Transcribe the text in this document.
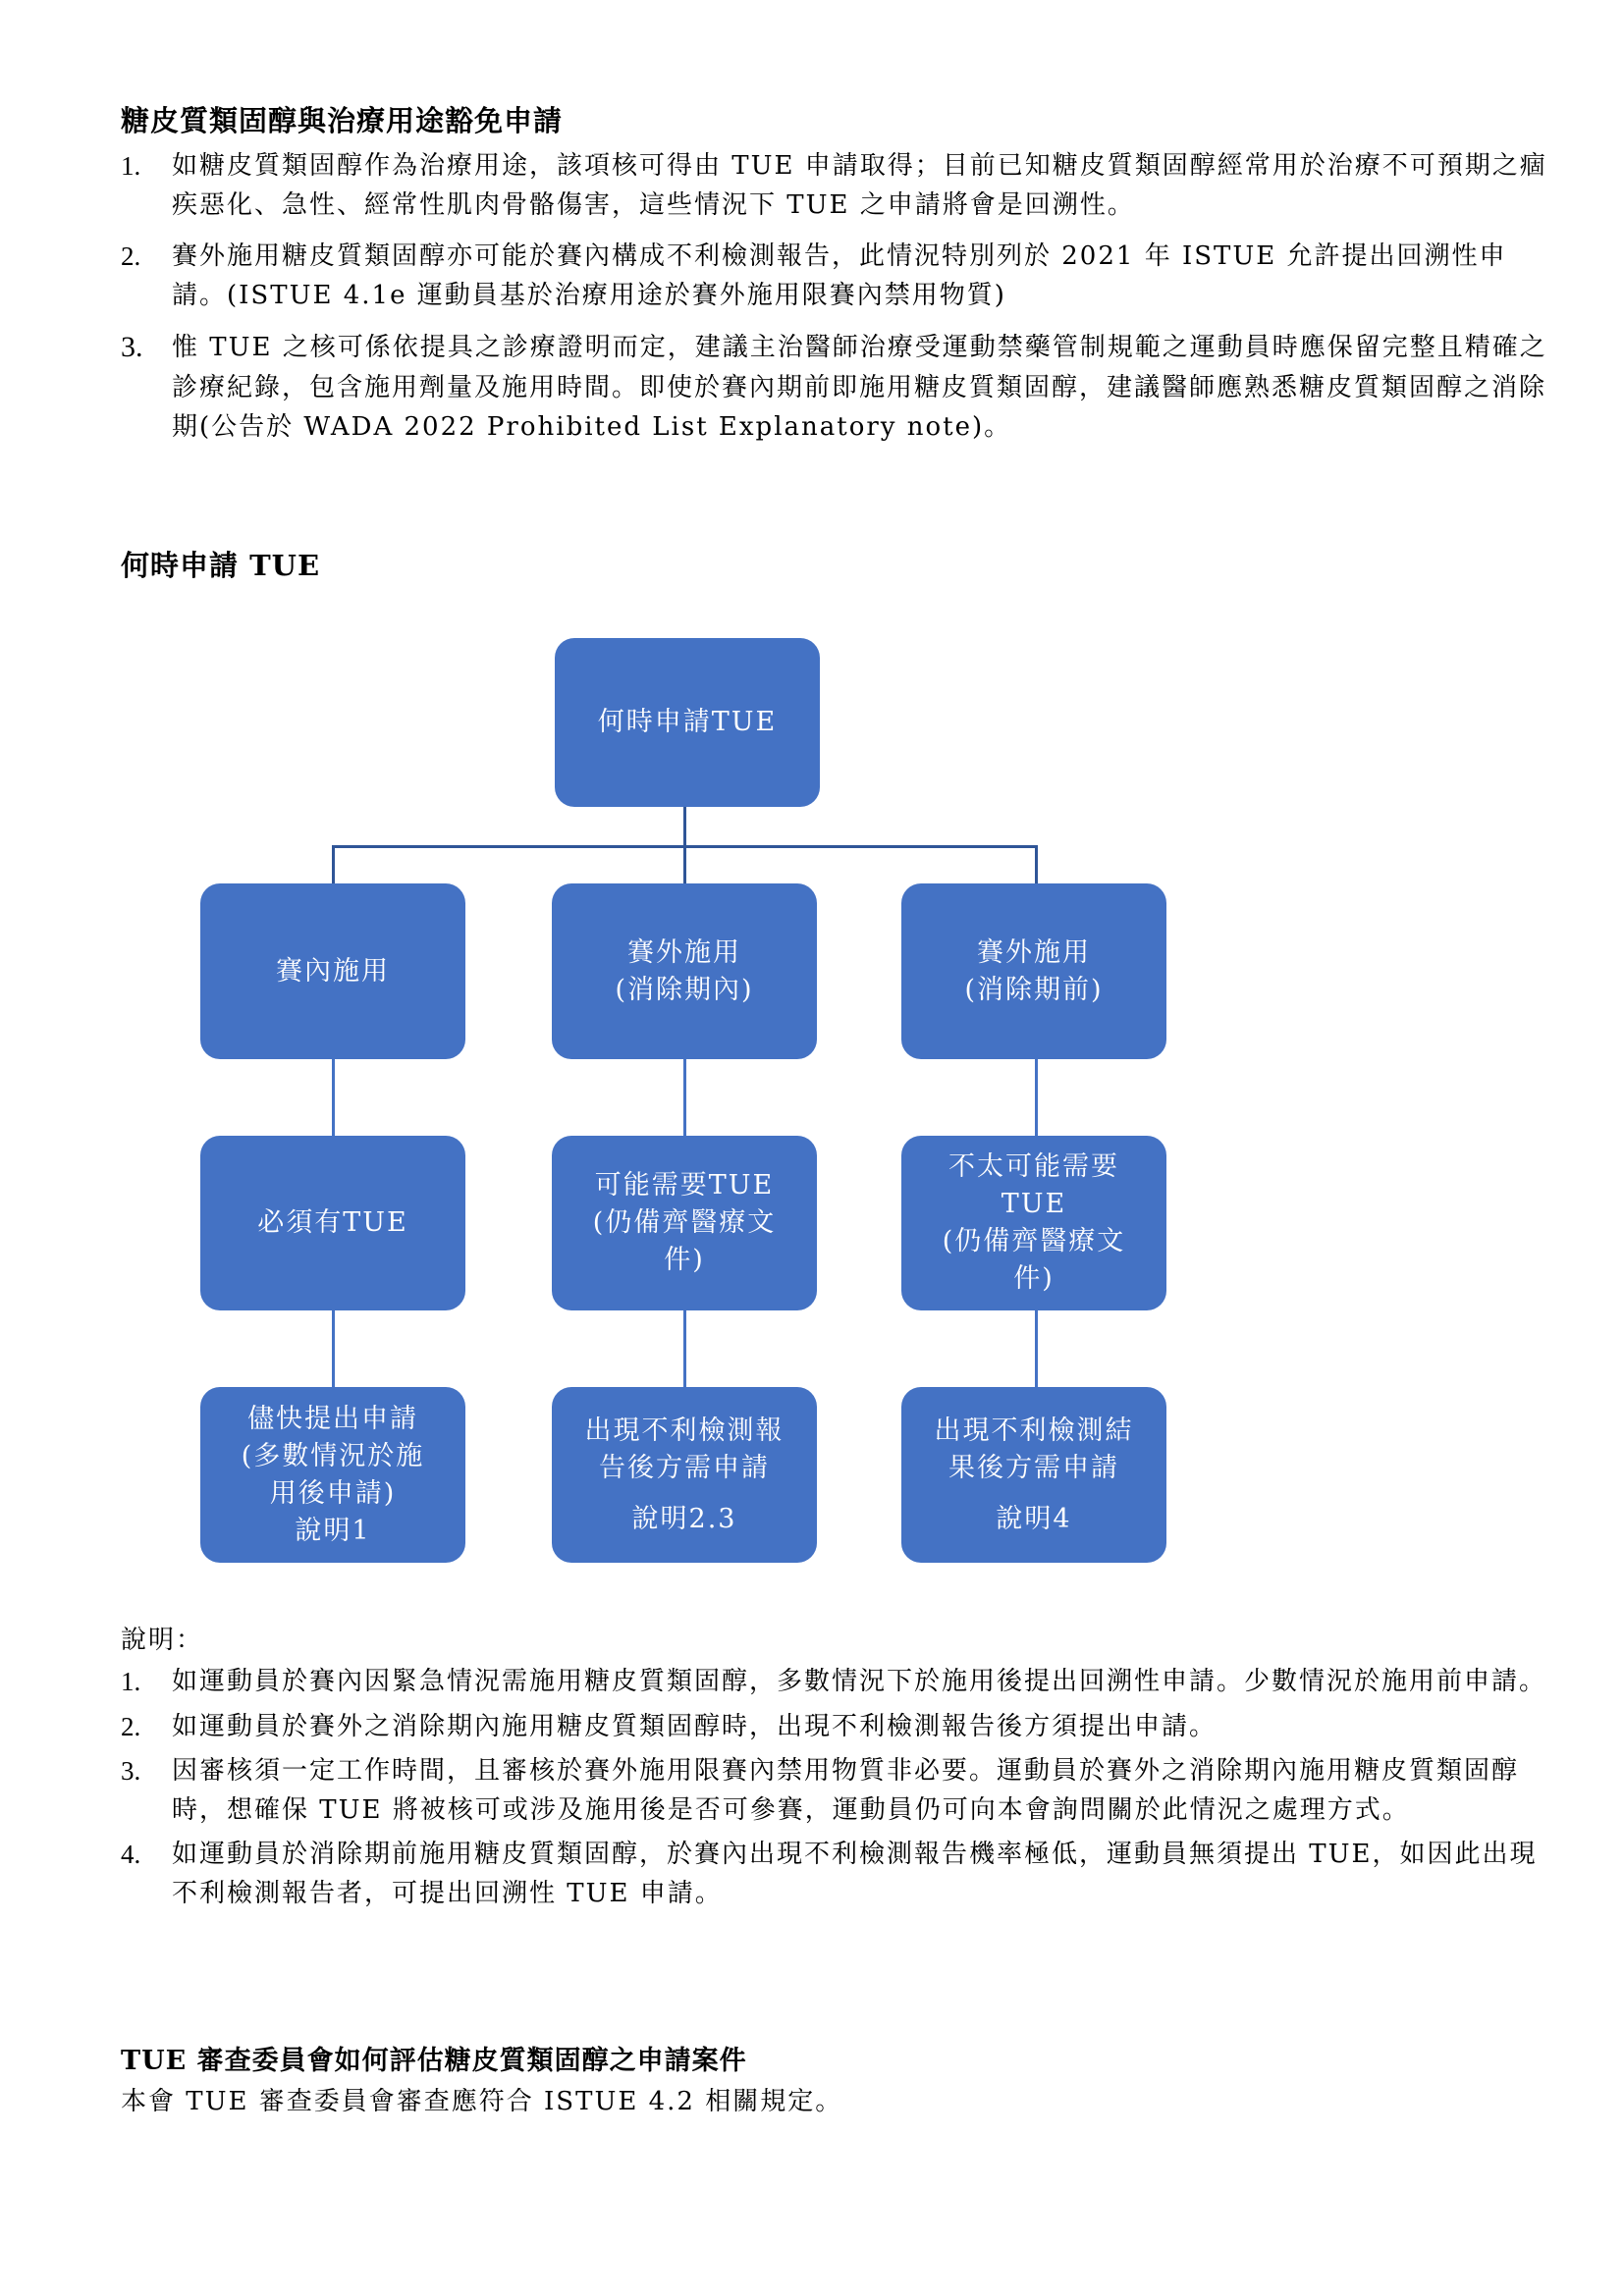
糖皮質類固醇與治療用途豁免申請
1. 如糖皮質類固醇作為治療用途，該項核可得由 TUE 申請取得；目前已知糖皮質類固醇經常用於治療不可預期之痼疾惡化、急性、經常性肌肉骨骼傷害，這些情況下 TUE 之申請將會是回溯性。
2. 賽外施用糖皮質類固醇亦可能於賽內構成不利檢測報告，此情況特別列於 2021 年 ISTUE 允許提出回溯性申請。(ISTUE 4.1e 運動員基於治療用途於賽外施用限賽內禁用物質)
3. 惟 TUE 之核可係依提具之診療證明而定，建議主治醫師治療受運動禁藥管制規範之運動員時應保留完整且精確之診療紀錄，包含施用劑量及施用時間。即使於賽內期前即施用糖皮質類固醇，建議醫師應熟悉糖皮質類固醇之消除期(公告於 WADA 2022 Prohibited List Explanatory note)。
何時申請 TUE
何時申請TUE
賽內施用
賽外施用
(消除期內)
賽外施用
(消除期前)
必須有TUE
可能需要TUE
(仍備齊醫療文
件)
不太可能需要
TUE
(仍備齊醫療文
件)
儘快提出申請
(多數情況於施
用後申請)
說明1
出現不利檢測報
告後方需申請
說明2.3
出現不利檢測結
果後方需申請
說明4
說明：
1. 如運動員於賽內因緊急情況需施用糖皮質類固醇，多數情況下於施用後提出回溯性申請。少數情況於施用前申請。
2. 如運動員於賽外之消除期內施用糖皮質類固醇時，出現不利檢測報告後方須提出申請。
3. 因審核須一定工作時間，且審核於賽外施用限賽內禁用物質非必要。運動員於賽外之消除期內施用糖皮質類固醇時，想確保 TUE 將被核可或涉及施用後是否可參賽，運動員仍可向本會詢問關於此情況之處理方式。
4. 如運動員於消除期前施用糖皮質類固醇，於賽內出現不利檢測報告機率極低，運動員無須提出 TUE，如因此出現不利檢測報告者，可提出回溯性 TUE 申請。
TUE 審查委員會如何評估糖皮質類固醇之申請案件
本會 TUE 審查委員會審查應符合 ISTUE 4.2 相關規定。
